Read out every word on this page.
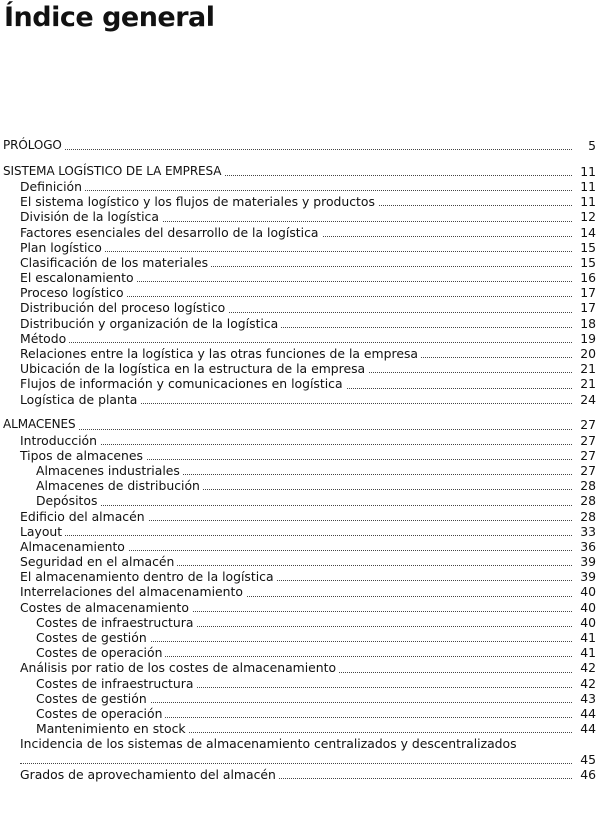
Índice general
PRÓLOGO	5
SISTEMA LOGÍSTICO DE LA EMPRESA	11
Definición	11
El sistema logístico y los flujos de materiales y productos	11
División de la logística	12
Factores esenciales del desarrollo de la logística	14
Plan logístico	15
Clasificación de los materiales	15
El escalonamiento	16
Proceso logístico	17
Distribución del proceso logístico	17
Distribución y organización de la logística	18
Método	19
Relaciones entre la logística y las otras funciones de la empresa	20
Ubicación de la logística en la estructura de la empresa	21
Flujos de información y comunicaciones en logística	21
Logística de planta	24
ALMACENES	27
Introducción	27
Tipos de almacenes	27
Almacenes industriales	27
Almacenes de distribución	28
Depósitos	28
Edificio del almacén	28
Layout	33
Almacenamiento	36
Seguridad en el almacén	39
El almacenamiento dentro de la logística	39
Interrelaciones del almacenamiento	40
Costes de almacenamiento	40
Costes de infraestructura	40
Costes de gestión	41
Costes de operación	41
Análisis por ratio de los costes de almacenamiento	42
Costes de infraestructura	42
Costes de gestión	43
Costes de operación	44
Mantenimiento en stock	44
Incidencia de los sistemas de almacenamiento centralizados y descentralizados
45
Grados de aprovechamiento del almacén	46
